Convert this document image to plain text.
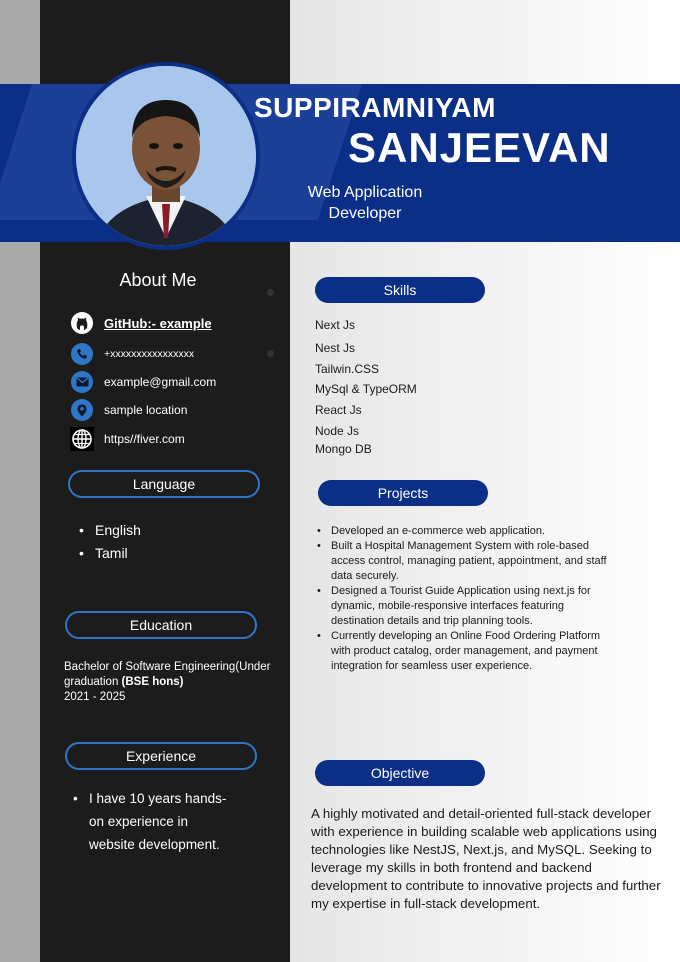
SUPPIRAMNIYAM
SANJEEVAN
Web Application
Developer
About Me
GitHub:- example
+xxxxxxxxxxxxxxxx
example@gmail.com
sample location
https//fiver.com
Language
• English
• Tamil
Education
Bachelor of Software Engineering(Under graduation (BSE hons)
2021 - 2025
Experience
• I have 10 years hands-
on experience in
website development.
Skills
Next Js
Nest Js
Tailwin.CSS
MySql & TypeORM
React Js
Node Js
Mongo DB
Projects
• Developed an e-commerce web application.
• Built a Hospital Management System with role-based access control, managing patient, appointment, and staff data securely.
• Designed a Tourist Guide Application using next.js for dynamic, mobile-responsive interfaces featuring destination details and trip planning tools.
• Currently developing an Online Food Ordering Platform with product catalog, order management, and payment integration for seamless user experience.
Objective
A highly motivated and detail-oriented full-stack developer with experience in building scalable web applications using technologies like NestJS, Next.js, and MySQL. Seeking to leverage my skills in both frontend and backend development to contribute to innovative projects and further my expertise in full-stack development.
